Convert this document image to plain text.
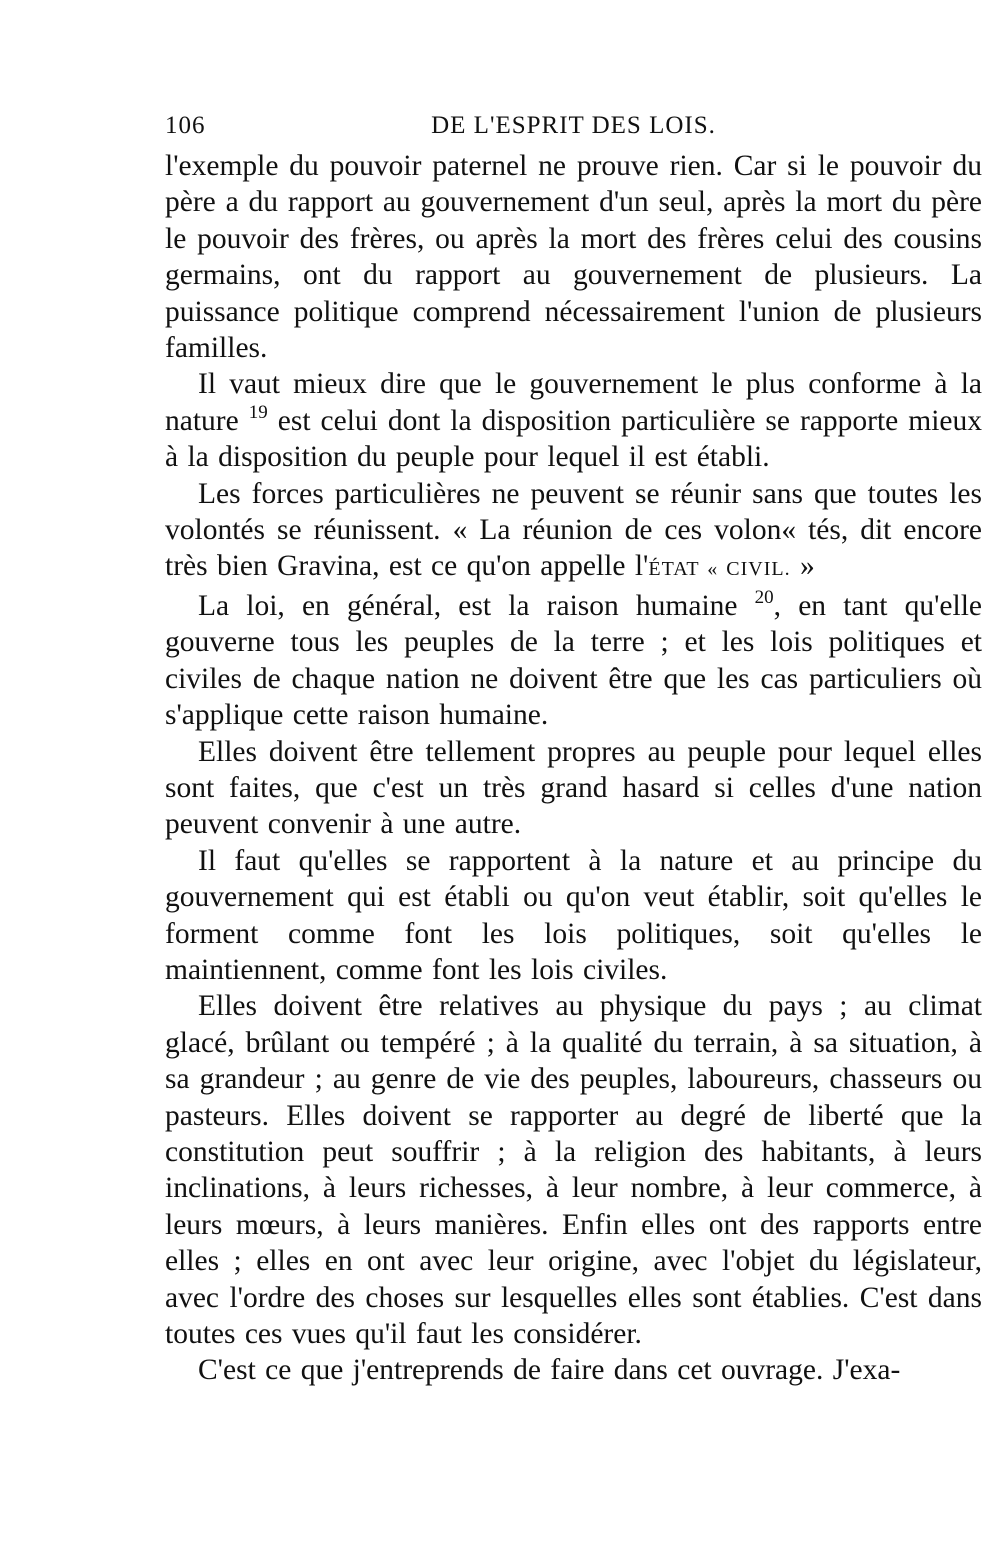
106	DE L'ESPRIT DES LOIS.

l'exemple du pouvoir paternel ne prouve rien. Car si le pouvoir du père a du rapport au gouvernement d'un seul, après la mort du père le pouvoir des frères, ou après la mort des frères celui des cousins germains, ont du rapport au gouvernement de plusieurs. La puissance politique comprend nécessairement l'union de plusieurs familles.

Il vaut mieux dire que le gouvernement le plus conforme à la nature $^{19}$ est celui dont la disposition particulière se rapporte mieux à la disposition du peuple pour lequel il est établi.

Les forces particulières ne peuvent se réunir sans que toutes les volontés se réunissent. « La réunion de ces volon« tés, dit encore très bien Gravina, est ce qu'on appelle l'ÉTAT « CIVIL. »

La loi, en général, est la raison humaine $^{20}$, en tant qu'elle gouverne tous les peuples de la terre ; et les lois politiques et civiles de chaque nation ne doivent être que les cas particuliers où s'applique cette raison humaine.

Elles doivent être tellement propres au peuple pour lequel elles sont faites, que c'est un très grand hasard si celles d'une nation peuvent convenir à une autre.

Il faut qu'elles se rapportent à la nature et au principe du gouvernement qui est établi ou qu'on veut établir, soit qu'elles le forment comme font les lois politiques, soit qu'elles le maintiennent, comme font les lois civiles.

Elles doivent être relatives au physique du pays ; au climat glacé, brûlant ou tempéré ; à la qualité du terrain, à sa situation, à sa grandeur ; au genre de vie des peuples, laboureurs, chasseurs ou pasteurs. Elles doivent se rapporter au degré de liberté que la constitution peut souffrir ; à la religion des habitants, à leurs inclinations, à leurs richesses, à leur nombre, à leur commerce, à leurs mœurs, à leurs manières. Enfin elles ont des rapports entre elles ; elles en ont avec leur origine, avec l'objet du législateur, avec l'ordre des choses sur lesquelles elles sont établies. C'est dans toutes ces vues qu'il faut les considérer.

C'est ce que j'entreprends de faire dans cet ouvrage. J'exa-
